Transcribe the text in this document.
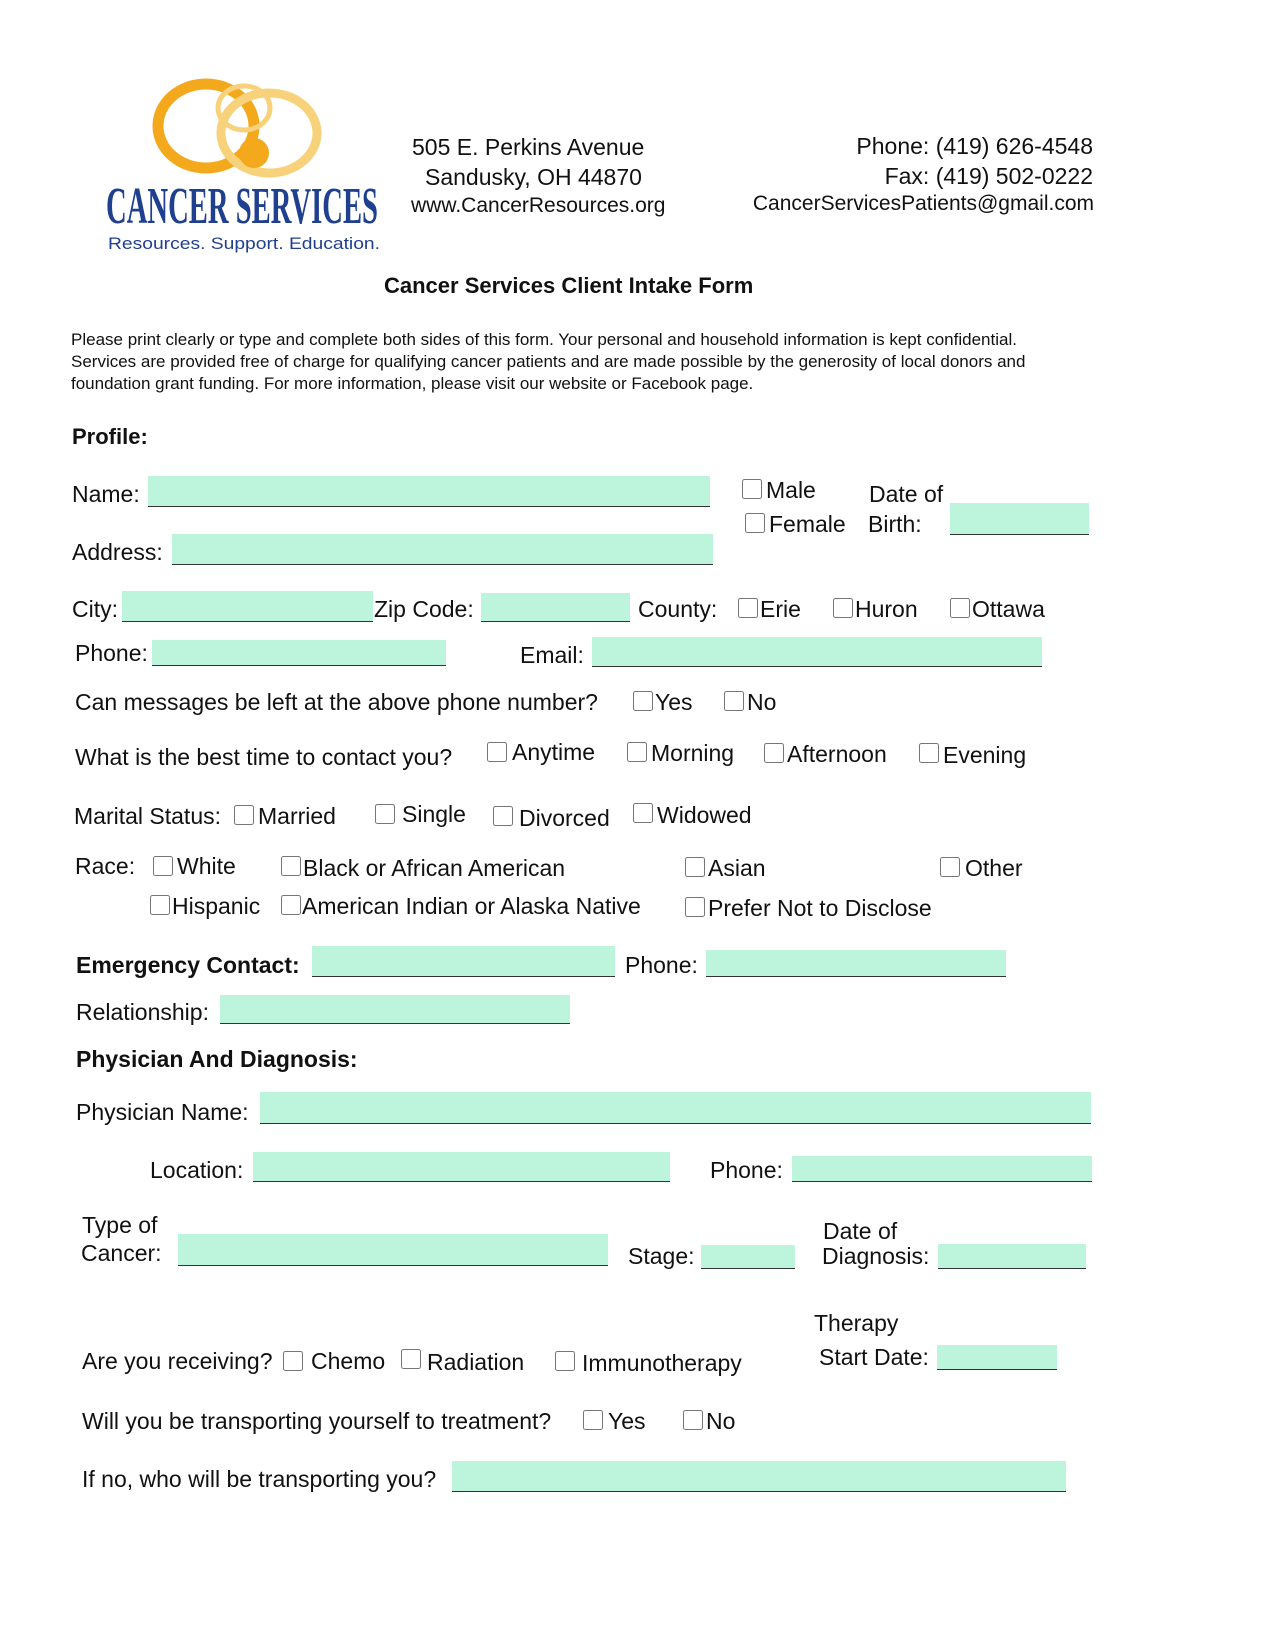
CANCER SERVICES
Resources. Support. Education.
505 E. Perkins Avenue
Sandusky, OH 44870
www.CancerResources.org
Phone: (419) 626-4548
Fax: (419) 502-0222
CancerServicesPatients@gmail.com
Cancer Services Client Intake Form
Please print clearly or type and complete both sides of this form. Your personal and household information is kept confidential.
Services are provided free of charge for qualifying cancer patients and are made possible by the generosity of local donors and
foundation grant funding. For more information, please visit our website or Facebook page.
Profile:
Name:	Male
Female
Date of
Birth:
Address:
City:	Zip Code:	County: Erie Huron Ottawa
Phone:	Email:
Can messages be left at the above phone number? Yes No
What is the best time to contact you?	Anytime Morning Afternoon Evening
Marital Status: Married	Single Divorced Widowed
Race: White	Black or African American	Asian	Other
Hispanic American Indian or Alaska Native	Prefer Not to Disclose
Emergency Contact:	Phone:
Relationship:
Physician And Diagnosis:
Physician Name:
Location:	Phone:
Type of
Cancer:	Stage:
Date of
Diagnosis:
Are you receiving? Chemo Radiation	Immunotherapy
Therapy
Start Date:
Will you be transporting yourself to treatment? Yes	No
If no, who will be transporting you?
